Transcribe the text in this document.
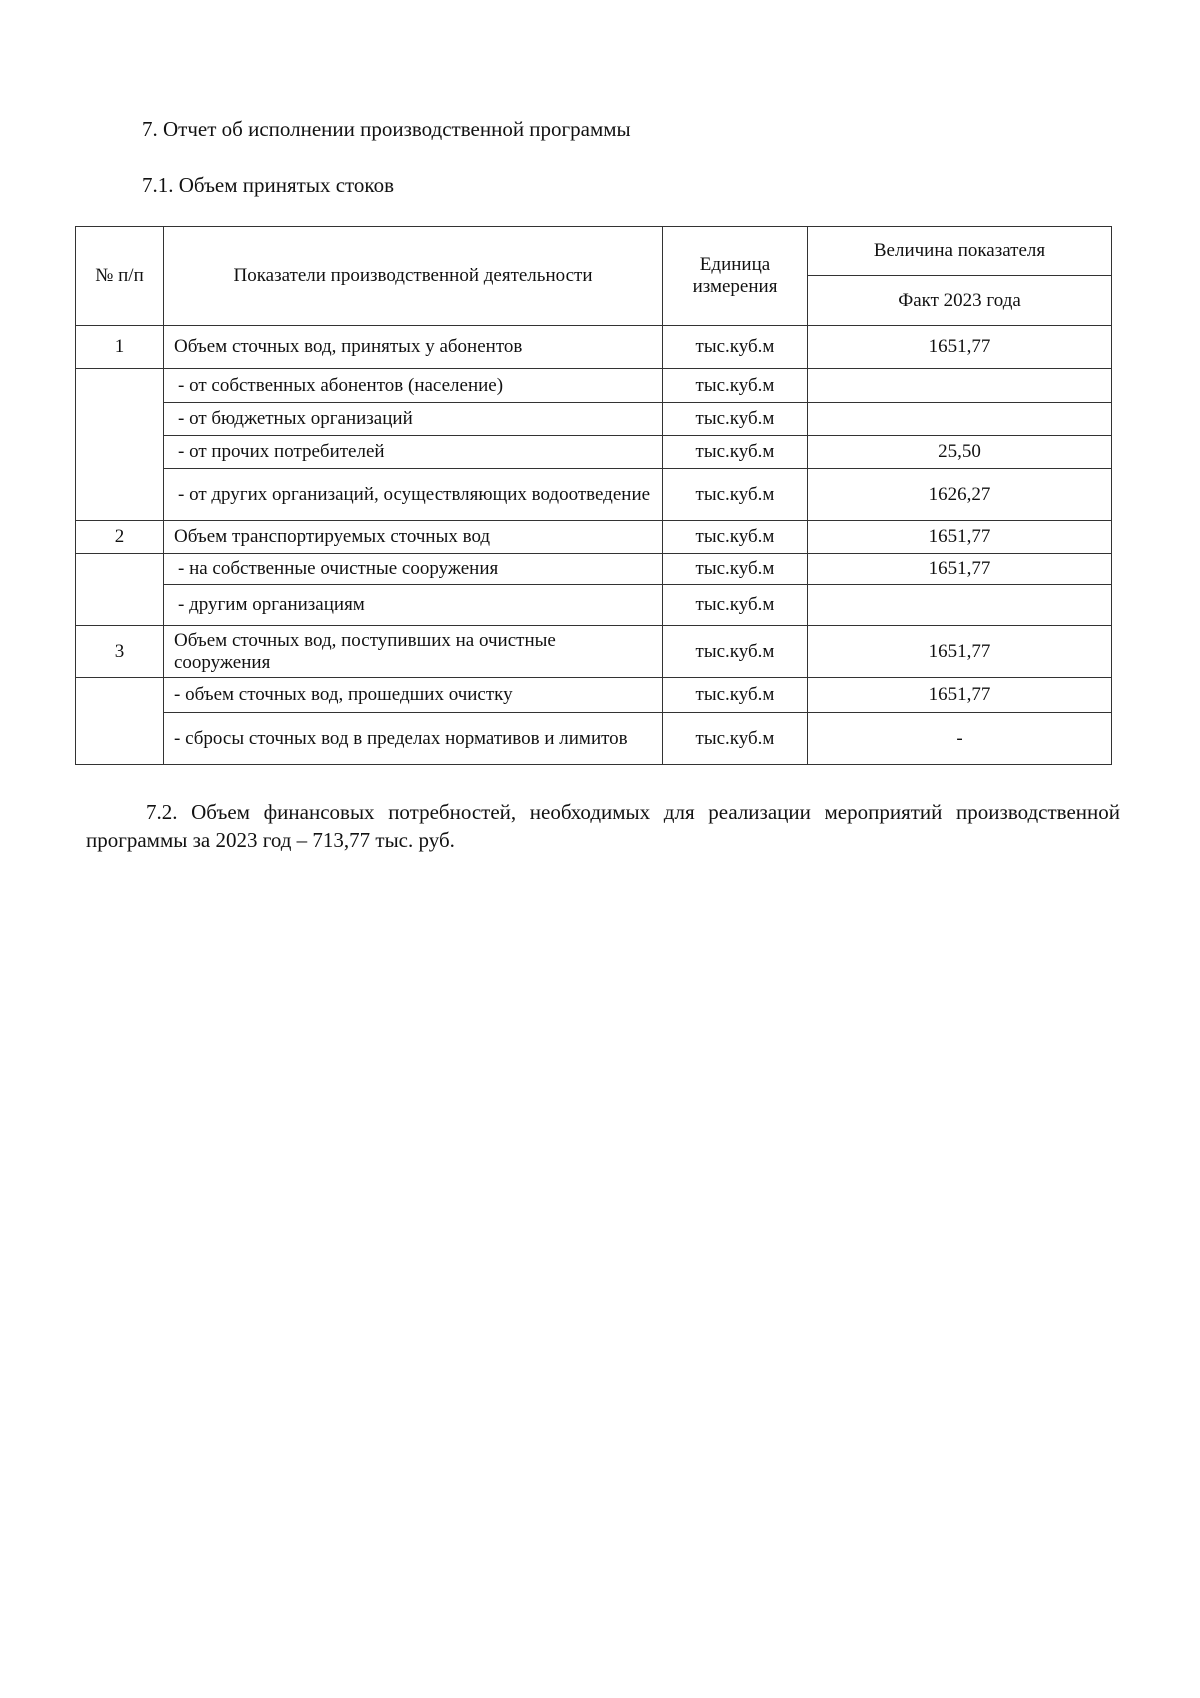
7. Отчет об исполнении производственной программы
7.1. Объем принятых стоков
№ п/п	Показатели производственной деятельности	Единица измерения	Величина показателя
			Факт 2023 года
1	Объем сточных вод, принятых у абонентов	тыс.куб.м	1651,77
	- от собственных абонентов (население)	тыс.куб.м	
	- от бюджетных организаций	тыс.куб.м	
	- от прочих потребителей	тыс.куб.м	25,50
	- от других организаций, осуществляющих водоотведение	тыс.куб.м	1626,27
2	Объем транспортируемых сточных вод	тыс.куб.м	1651,77
	- на собственные очистные сооружения	тыс.куб.м	1651,77
	- другим организациям	тыс.куб.м	
3	Объем сточных вод, поступивших на очистные сооружения	тыс.куб.м	1651,77
	- объем сточных вод, прошедших очистку	тыс.куб.м	1651,77
	- сбросы сточных вод в пределах нормативов и лимитов	тыс.куб.м	-
7.2. Объем финансовых потребностей, необходимых для реализации мероприятий производственной программы за 2023 год – 713,77 тыс. руб.
